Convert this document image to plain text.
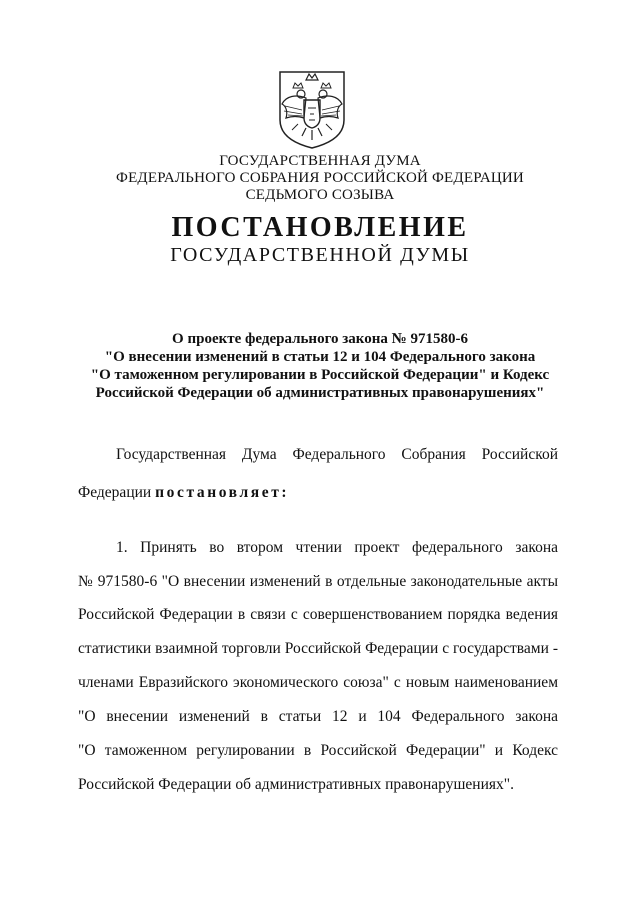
ГОСУДАРСТВЕННАЯ ДУМА
ФЕДЕРАЛЬНОГО СОБРАНИЯ РОССИЙСКОЙ ФЕДЕРАЦИИ
СЕДЬМОГО СОЗЫВА
ПОСТАНОВЛЕНИЕ
ГОСУДАРСТВЕННОЙ ДУМЫ
О проекте федерального закона № 971580-6
"О внесении изменений в статьи 12 и 104 Федерального закона
"О таможенном регулировании в Российской Федерации" и Кодекс
Российской Федерации об административных правонарушениях"
Государственная Дума Федерального Собрания Российской
Федерации постановляет:
1. Принять во втором чтении проект федерального закона
№ 971580-6 "О внесении изменений в отдельные законодательные акты
Российской Федерации в связи с совершенствованием порядка ведения
статистики взаимной торговли Российской Федерации с государствами -
членами Евразийского экономического союза" с новым наименованием
"О внесении изменений в статьи 12 и 104 Федерального закона
"О таможенном регулировании в Российской Федерации" и Кодекс
Российской Федерации об административных правонарушениях".
